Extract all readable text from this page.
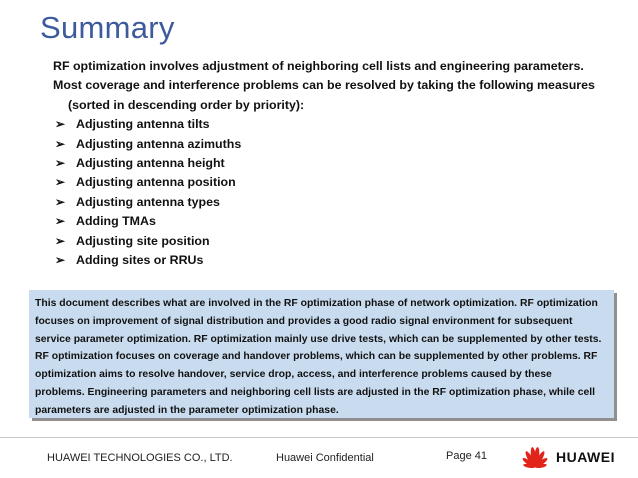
Summary

RF optimization involves adjustment of neighboring cell lists and engineering parameters.

Most coverage and interference problems can be resolved by taking the following measures

(sorted in descending order by priority):

➢ Adjusting antenna tilts
➢ Adjusting antenna azimuths
➢ Adjusting antenna height
➢ Adjusting antenna position
➢ Adjusting antenna types
➢ Adding TMAs
➢ Adjusting site position
➢ Adding sites or RRUs
This document describes what are involved in the RF optimization phase of network optimization. RF optimization
focuses on improvement of signal distribution and provides a good radio signal environment for subsequent
service parameter optimization. RF optimization mainly use drive tests, which can be supplemented by other tests.
RF optimization focuses on coverage and handover problems, which can be supplemented by other problems. RF
optimization aims to resolve handover, service drop, access, and interference problems caused by these
problems. Engineering parameters and neighboring cell lists are adjusted in the RF optimization phase, while cell
parameters are adjusted in the parameter optimization phase.
HUAWEI TECHNOLOGIES CO., LTD.	Huawei Confidential	Page 41	HUAWEI
